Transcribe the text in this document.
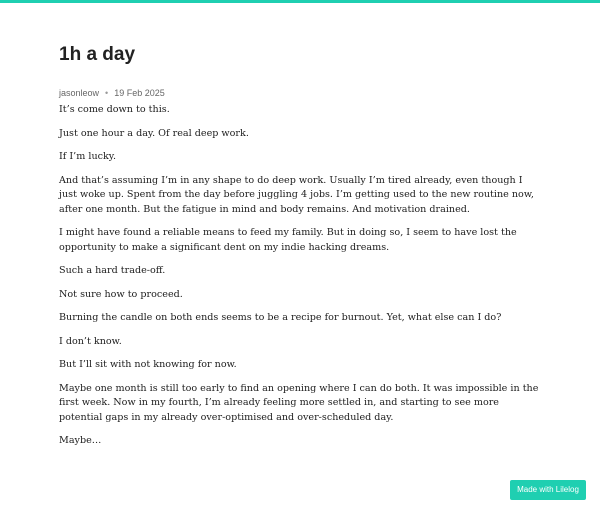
1h a day
jasonleow • 19 Feb 2025

It’s come down to this.

Just one hour a day. Of real deep work.

If I’m lucky.

And that’s assuming I’m in any shape to do deep work. Usually I’m tired already, even though I just woke up. Spent from the day before juggling 4 jobs. I’m getting used to the new routine now, after one month. But the fatigue in mind and body remains. And motivation drained.

I might have found a reliable means to feed my family. But in doing so, I seem to have lost the opportunity to make a significant dent on my indie hacking dreams.

Such a hard trade-off.

Not sure how to proceed.

Burning the candle on both ends seems to be a recipe for burnout. Yet, what else can I do?

I don’t know.

But I’ll sit with not knowing for now.

Maybe one month is still too early to find an opening where I can do both. It was impossible in the first week. Now in my fourth, I’m already feeling more settled in, and starting to see more potential gaps in my already over-optimised and over-scheduled day.

Maybe…

Made with Lilelog
